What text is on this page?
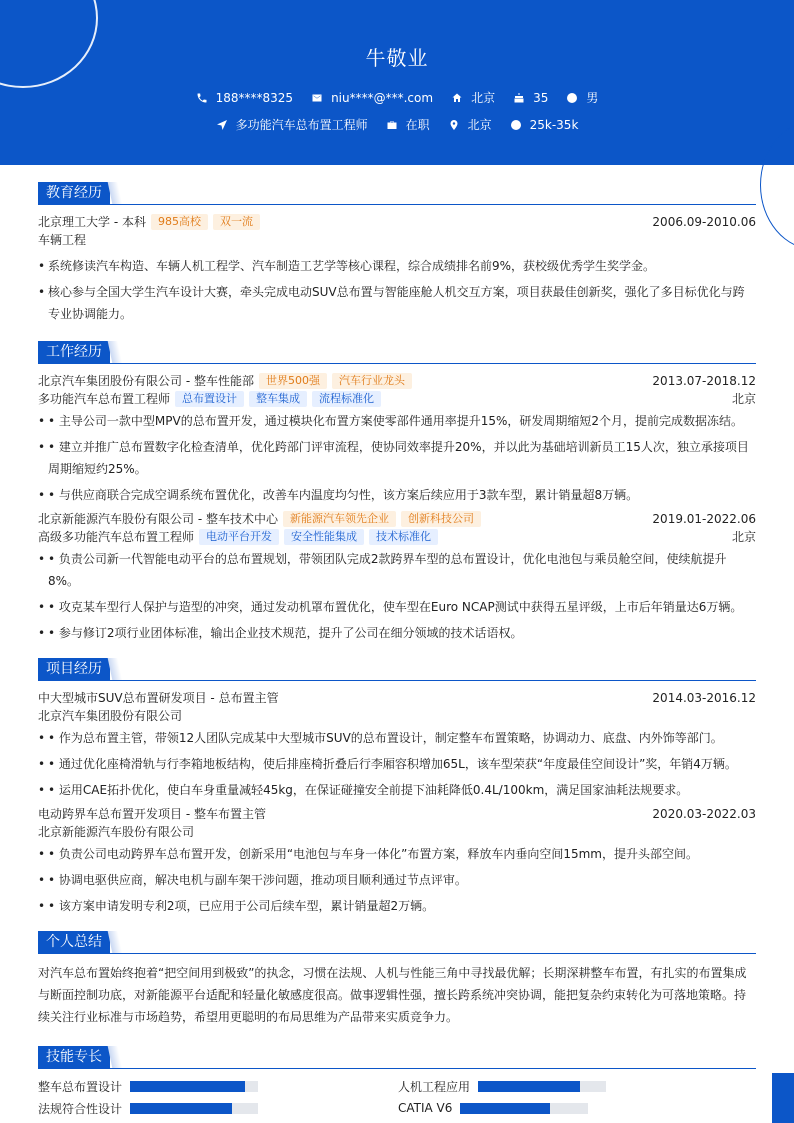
牛敬业
188****8325	niu****@***.com	北京	35	男
多功能汽车总布置工程师	在职	北京	25k-35k
教育经历
北京理工大学 - 本科	985高校	双一流	2006.09-2010.06
车辆工程
• 系统修读汽车构造、车辆人机工程学、汽车制造工艺学等核心课程，综合成绩排名前9%，获校级优秀学生奖学金。
• 核心参与全国大学生汽车设计大赛，牵头完成电动SUV总布置与智能座舱人机交互方案，项目获最佳创新奖，强化了多目标优化与跨专业协调能力。
工作经历
北京汽车集团股份有限公司 - 整车性能部	世界500强	汽车行业龙头	2013.07-2018.12
多功能汽车总布置工程师	总布置设计	整车集成	流程标准化	北京
• • 主导公司一款中型MPV的总布置开发，通过模块化布置方案使零部件通用率提升15%，研发周期缩短2个月，提前完成数据冻结。
• • 建立并推广总布置数字化检查清单，优化跨部门评审流程，使协同效率提升20%，并以此为基础培训新员工15人次，独立承接项目周期缩短约25%。
• • 与供应商联合完成空调系统布置优化，改善车内温度均匀性，该方案后续应用于3款车型，累计销量超8万辆。
北京新能源汽车股份有限公司 - 整车技术中心	新能源汽车领先企业	创新科技公司	2019.01-2022.06
高级多功能汽车总布置工程师	电动平台开发	安全性能集成	技术标准化	北京
• • 负责公司新一代智能电动平台的总布置规划，带领团队完成2款跨界车型的总布置设计，优化电池包与乘员舱空间，使续航提升8%。
• • 攻克某车型行人保护与造型的冲突，通过发动机罩布置优化，使车型在Euro NCAP测试中获得五星评级，上市后年销量达6万辆。
• • 参与修订2项行业团体标准，输出企业技术规范，提升了公司在细分领域的技术话语权。
项目经历
中大型城市SUV总布置研发项目 - 总布置主管	2014.03-2016.12
北京汽车集团股份有限公司
• • 作为总布置主管，带领12人团队完成某中大型城市SUV的总布置设计，制定整车布置策略，协调动力、底盘、内外饰等部门。
• • 通过优化座椅滑轨与行李箱地板结构，使后排座椅折叠后行李厢容积增加65L，该车型荣获“年度最佳空间设计”奖，年销4万辆。
• • 运用CAE拓扑优化，使白车身重量减轻45kg，在保证碰撞安全前提下油耗降低0.4L/100km，满足国家油耗法规要求。
电动跨界车总布置开发项目 - 整车布置主管	2020.03-2022.03
北京新能源汽车股份有限公司
• • 负责公司电动跨界车总布置开发，创新采用“电池包与车身一体化”布置方案，释放车内垂向空间15mm，提升头部空间。
• • 协调电驱供应商，解决电机与副车架干涉问题，推动项目顺利通过节点评审。
• • 该方案申请发明专利2项，已应用于公司后续车型，累计销量超2万辆。
个人总结

对汽车总布置始终抱着“把空间用到极致”的执念，习惯在法规、人机与性能三角中寻找最优解；长期深耕整车布置，有扎实的布置集成与断面控制功底，对新能源平台适配和轻量化敏感度很高。做事逻辑性强，擅长跨系统冲突协调，能把复杂约束转化为可落地策略。持续关注行业标准与市场趋势，希望用更聪明的布局思维为产品带来实质竞争力。

技能专长
整车总布置设计	人机工程应用
法规符合性设计	CATIA V6
